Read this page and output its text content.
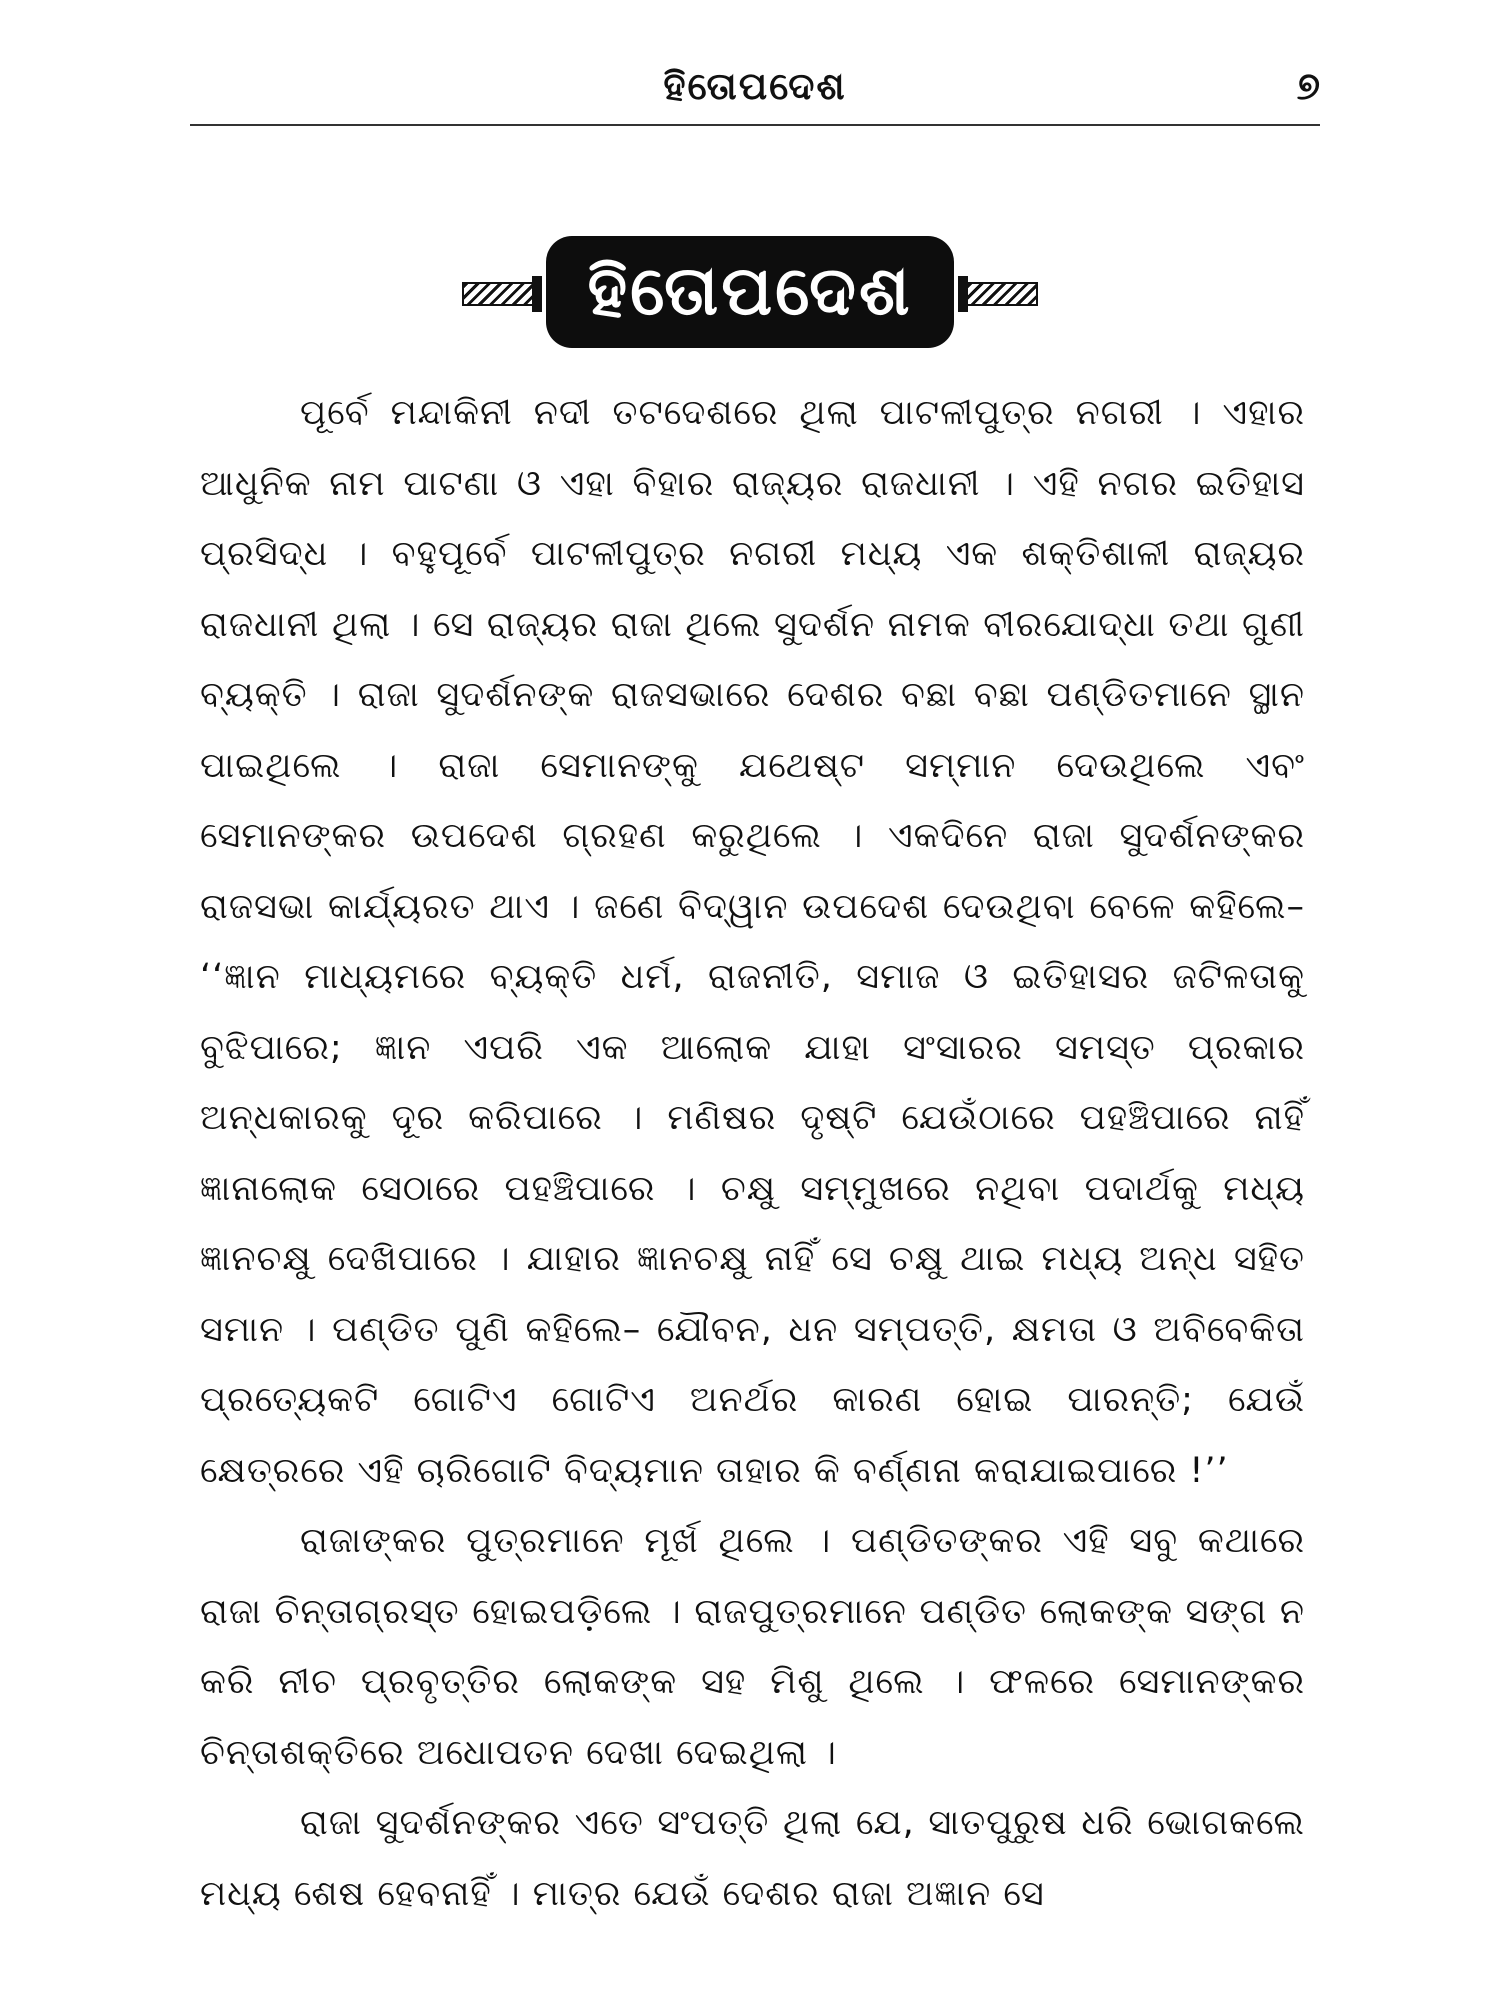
ହିତୋପଦେଶ	୭
ହିତୋପଦେଶ

ପୂର୍ବେ ମନ୍ଦାକିନୀ ନଦୀ ତଟଦେଶରେ ଥିଲା ପାଟଳୀପୁତ୍ର ନଗରୀ । ଏହାର ଆଧୁନିକ ନାମ ପାଟଣା ଓ ଏହା ବିହାର ରାଜ୍ୟର ରାଜଧାନୀ । ଏହି ନଗର ଇତିହାସ ପ୍ରସିଦ୍ଧ । ବହୁପୂର୍ବେ ପାଟଳୀପୁତ୍ର ନଗରୀ ମଧ୍ୟ ଏକ ଶକ୍ତିଶାଳୀ ରାଜ୍ୟର ରାଜଧାନୀ ଥିଲା । ସେ ରାଜ୍ୟର ରାଜା ଥିଲେ ସୁଦର୍ଶନ ନାମକ ବୀରଯୋଦ୍ଧା ତଥା ଗୁଣୀ ବ୍ୟକ୍ତି । ରାଜା ସୁଦର୍ଶନଙ୍କ ରାଜସଭାରେ ଦେଶର ବଛା ବଛା ପଣ୍ଡିତମାନେ ସ୍ଥାନ ପାଇଥିଲେ । ରାଜା ସେମାନଙ୍କୁ ଯଥେଷ୍ଟ ସମ୍ମାନ ଦେଉଥିଲେ ଏବଂ ସେମାନଙ୍କର ଉପଦେଶ ଗ୍ରହଣ କରୁଥିଲେ । ଏକଦିନେ ରାଜା ସୁଦର୍ଶନଙ୍କର ରାଜସଭା କାର୍ଯ୍ୟରତ ଥାଏ । ଜଣେ ବିଦ୍ୱାନ ଉପଦେଶ ଦେଉଥିବା ବେଳେ କହିଲେ– ‘‘ଜ୍ଞାନ ମାଧ୍ୟମରେ ବ୍ୟକ୍ତି ଧର୍ମ, ରାଜନୀତି, ସମାଜ ଓ ଇତିହାସର ଜଟିଳତାକୁ ବୁଝିପାରେ; ଜ୍ଞାନ ଏପରି ଏକ ଆଲୋକ ଯାହା ସଂସାରର ସମସ୍ତ ପ୍ରକାର ଅନ୍ଧକାରକୁ ଦୂର କରିପାରେ । ମଣିଷର ଦୃଷ୍ଟି ଯେଉଁଠାରେ ପହଞ୍ଚିପାରେ ନାହିଁ ଜ୍ଞାନାଲୋକ ସେଠାରେ ପହଞ୍ଚିପାରେ । ଚକ୍ଷୁ ସମ୍ମୁଖରେ ନଥିବା ପଦାର୍ଥକୁ ମଧ୍ୟ ଜ୍ଞାନଚକ୍ଷୁ ଦେଖିପାରେ । ଯାହାର ଜ୍ଞାନଚକ୍ଷୁ ନାହିଁ ସେ ଚକ୍ଷୁ ଥାଇ ମଧ୍ୟ ଅନ୍ଧ ସହିତ ସମାନ । ପଣ୍ଡିତ ପୁଣି କହିଲେ– ଯୌବନ, ଧନ ସମ୍ପତ୍ତି, କ୍ଷମତା ଓ ଅବିବେକିତା ପ୍ରତ୍ୟେକଟି ଗୋଟିଏ ଗୋଟିଏ ଅନର୍ଥର କାରଣ ହୋଇ ପାରନ୍ତି; ଯେଉଁ କ୍ଷେତ୍ରରେ ଏହି ଚାରିଗୋଟି ବିଦ୍ୟମାନ ତାହାର କି ବର୍ଣ୍ଣନା କରାଯାଇପାରେ !’’

ରାଜାଙ୍କର ପୁତ୍ରମାନେ ମୂର୍ଖ ଥିଲେ । ପଣ୍ଡିତଙ୍କର ଏହି ସବୁ କଥାରେ ରାଜା ଚିନ୍ତାଗ୍ରସ୍ତ ହୋଇପଡ଼ିଲେ । ରାଜପୁତ୍ରମାନେ ପଣ୍ଡିତ ଲୋକଙ୍କ ସଙ୍ଗ ନ କରି ନୀଚ ପ୍ରବୃତ୍ତିର ଲୋକଙ୍କ ସହ ମିଶୁ ଥିଲେ । ଫଳରେ ସେମାନଙ୍କର ଚିନ୍ତାଶକ୍ତିରେ ଅଧୋପତନ ଦେଖା ଦେଇଥିଲା ।

ରାଜା ସୁଦର୍ଶନଙ୍କର ଏତେ ସଂପତ୍ତି ଥିଲା ଯେ, ସାତପୁରୁଷ ଧରି ଭୋଗକଲେ ମଧ୍ୟ ଶେଷ ହେବନାହିଁ । ମାତ୍ର ଯେଉଁ ଦେଶର ରାଜା ଅଜ୍ଞାନ ସେ
